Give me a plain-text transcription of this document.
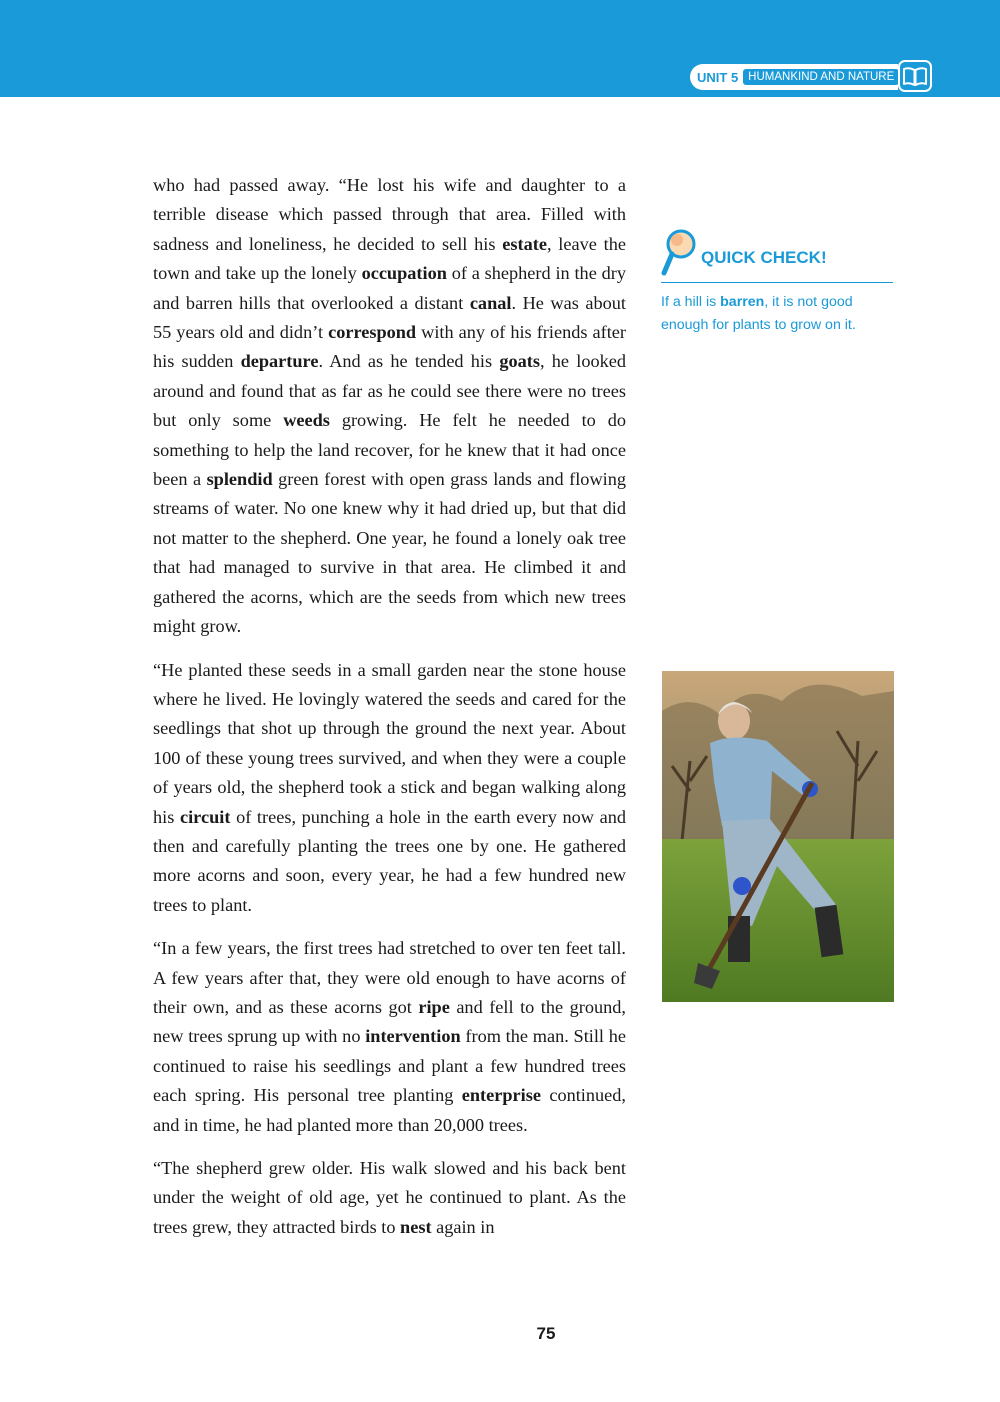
UNIT 5 HUMANKIND AND NATURE

who had passed away. “He lost his wife and daughter to a terrible disease which passed through that area. Filled with sadness and loneliness, he decided to sell his estate, leave the town and take up the lonely occupation of a shepherd in the dry and barren hills that overlooked a distant canal. He was about 55 years old and didn’t correspond with any of his friends after his sudden departure. And as he tended his goats, he looked around and found that as far as he could see there were no trees but only some weeds growing. He felt he needed to do something to help the land recover, for he knew that it had once been a splendid green forest with open grass lands and flowing streams of water. No one knew why it had dried up, but that did not matter to the shepherd. One year, he found a lonely oak tree that had managed to survive in that area. He climbed it and gathered the acorns, which are the seeds from which new trees might grow.

“He planted these seeds in a small garden near the stone house where he lived. He lovingly watered the seeds and cared for the seedlings that shot up through the ground the next year. About 100 of these young trees survived, and when they were a couple of years old, the shepherd took a stick and began walking along his circuit of trees, punching a hole in the earth every now and then and carefully planting the trees one by one. He gathered more acorns and soon, every year, he had a few hundred new trees to plant.

“In a few years, the first trees had stretched to over ten feet tall. A few years after that, they were old enough to have acorns of their own, and as these acorns got ripe and fell to the ground, new trees sprung up with no intervention from the man. Still he continued to raise his seedlings and plant a few hundred trees each spring. His personal tree planting enterprise continued, and in time, he had planted more than 20,000 trees.

“The shepherd grew older. His walk slowed and his back bent under the weight of old age, yet he continued to plant. As the trees grew, they attracted birds to nest again in

QUICK CHECK!
If a hill is barren, it is not good enough for plants to grow on it.
75
